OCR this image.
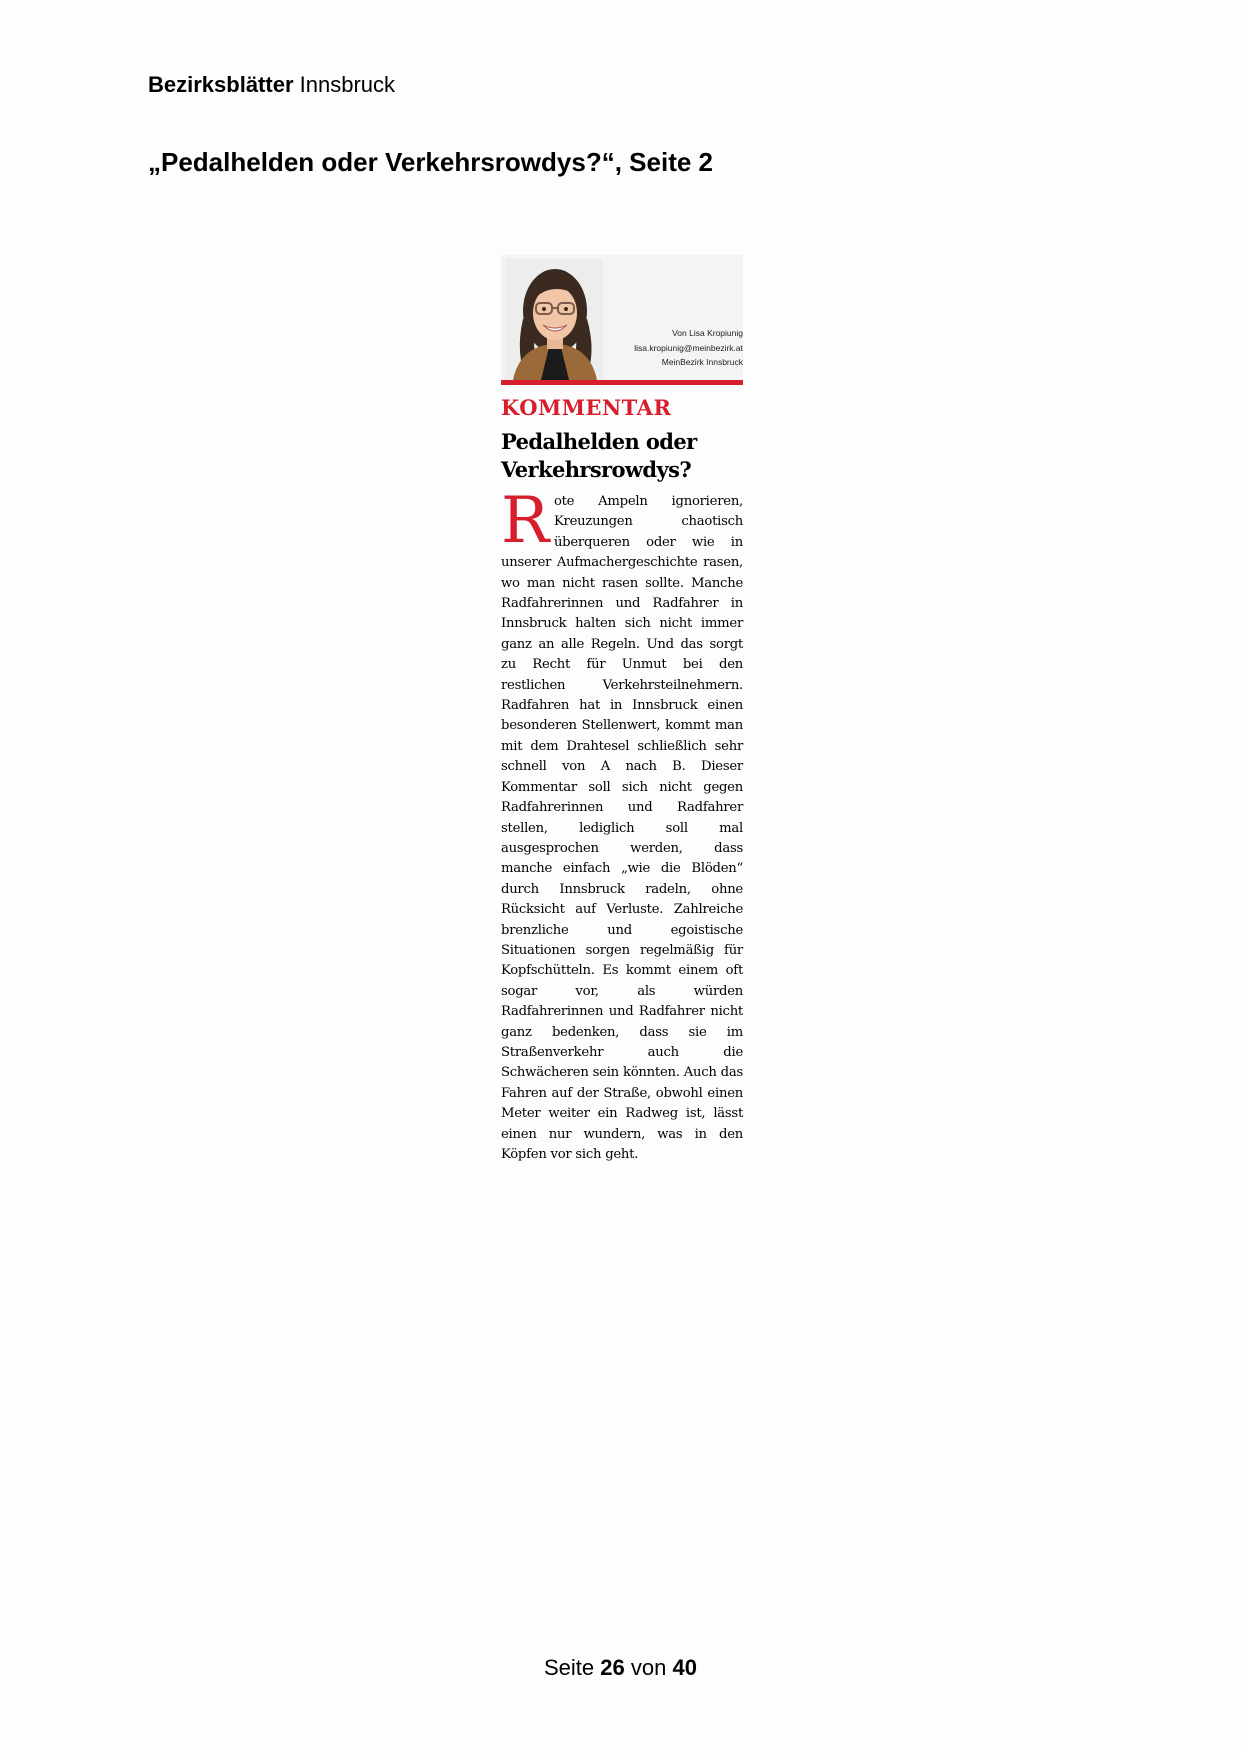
Bezirksblätter Innsbruck
„Pedalhelden oder Verkehrsrowdys?“, Seite 2
Von Lisa Kropiunig
lisa.kropiunig@meinbezirk.at
MeinBezirk Innsbruck
KOMMENTAR
Pedalhelden oder
Verkehrsrowdys?
R ote Ampeln ignorieren, Kreuzungen chaotisch überqueren oder wie in unserer Aufmachergeschichte rasen, wo man nicht rasen sollte. Manche Radfahrerinnen und Radfahrer in Innsbruck halten sich nicht immer ganz an alle Regeln. Und das sorgt zu Recht für Unmut bei den restlichen Verkehrsteilnehmern. Radfahren hat in Innsbruck einen besonderen Stellenwert, kommt man mit dem Drahtesel schließlich sehr schnell von A nach B. Dieser Kommentar soll sich nicht gegen Radfahrerinnen und Radfahrer stellen, lediglich soll mal ausgesprochen werden, dass manche einfach „wie die Blöden“ durch Innsbruck radeln, ohne Rücksicht auf Verluste. Zahlreiche brenzliche und egoistische Situationen sorgen regelmäßig für Kopfschütteln. Es kommt einem oft sogar vor, als würden Radfahrerinnen und Radfahrer nicht ganz bedenken, dass sie im Straßenverkehr auch die Schwächeren sein könnten. Auch das Fahren auf der Straße, obwohl einen Meter weiter ein Radweg ist, lässt einen nur wundern, was in den Köpfen vor sich geht.
Seite 26 von 40
